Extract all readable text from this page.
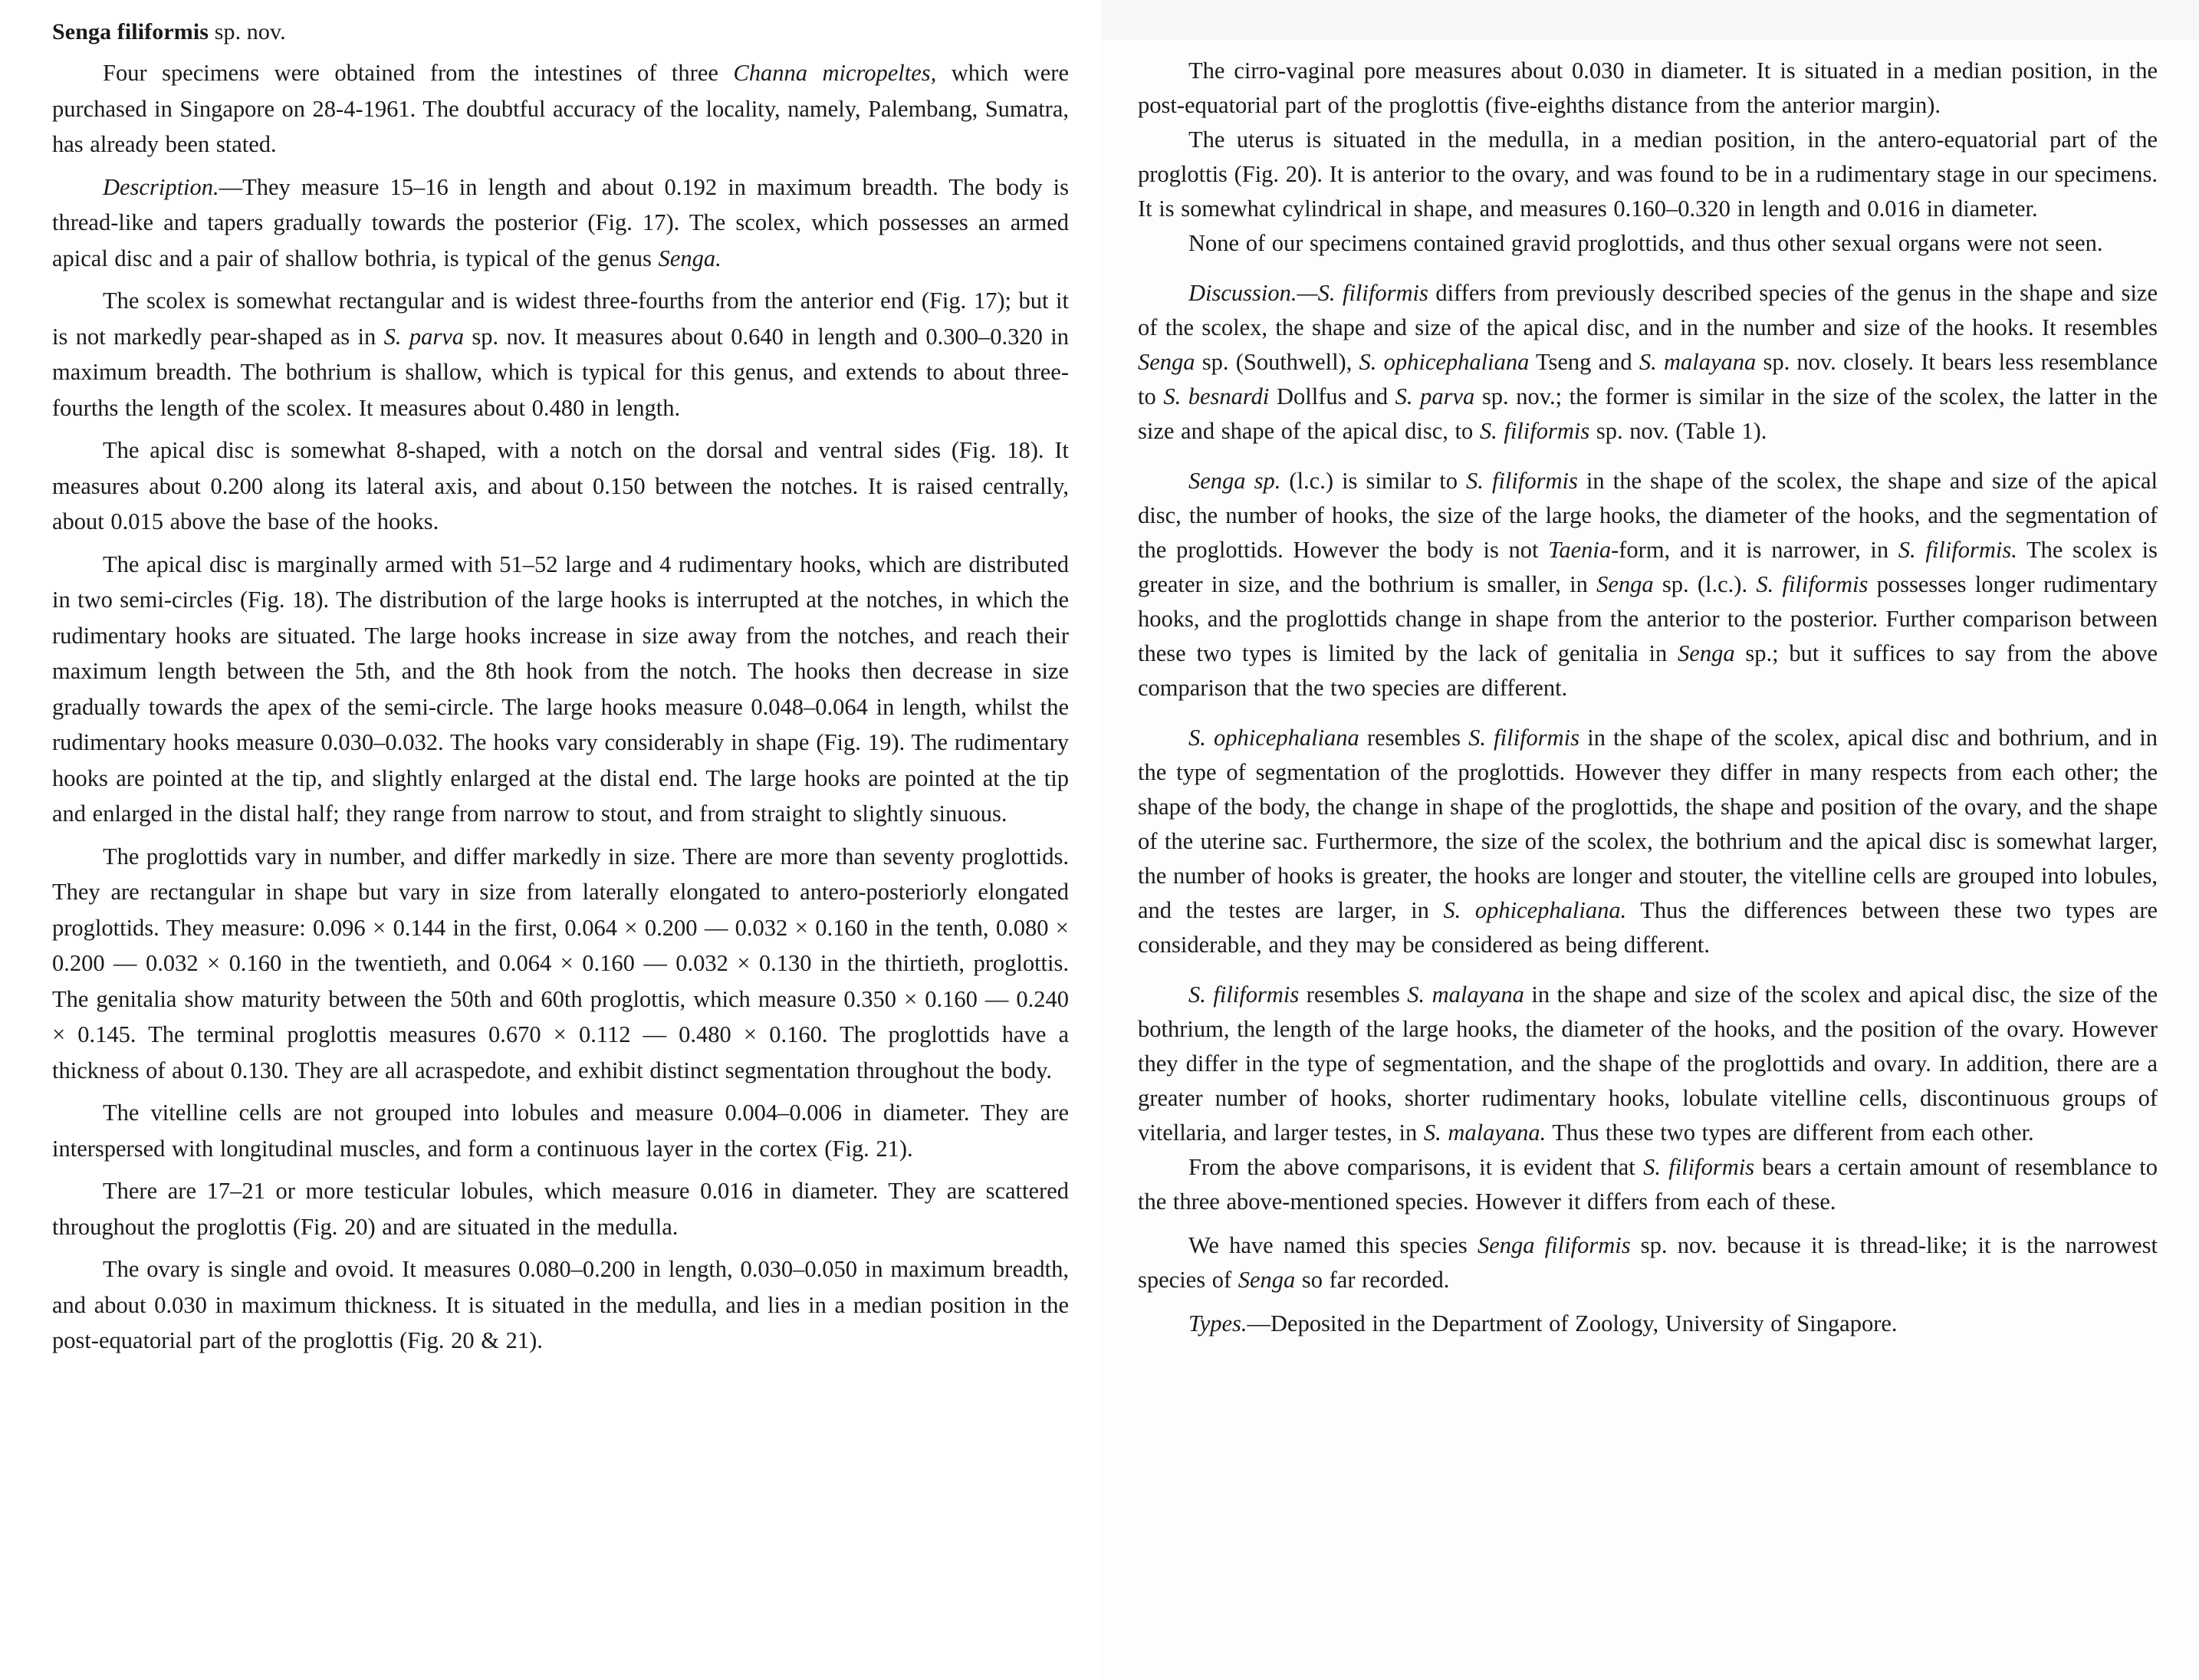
Senga filiformis sp. nov.

Four specimens were obtained from the intestines of three Channa micropeltes, which were purchased in Singapore on 28-4-1961. The doubtful accuracy of the locality, namely, Palembang, Sumatra, has already been stated.

Description.—They measure 15–16 in length and about 0.192 in maximum breadth. The body is thread-like and tapers gradually towards the posterior (Fig. 17). The scolex, which possesses an armed apical disc and a pair of shallow bothria, is typical of the genus Senga.

The scolex is somewhat rectangular and is widest three-fourths from the anterior end (Fig. 17); but it is not markedly pear-shaped as in S. parva sp. nov. It measures about 0.640 in length and 0.300–0.320 in maximum breadth. The bothrium is shallow, which is typical for this genus, and extends to about three-fourths the length of the scolex. It measures about 0.480 in length.

The apical disc is somewhat 8-shaped, with a notch on the dorsal and ventral sides (Fig. 18). It measures about 0.200 along its lateral axis, and about 0.150 between the notches. It is raised centrally, about 0.015 above the base of the hooks.

The apical disc is marginally armed with 51–52 large and 4 rudimentary hooks, which are distributed in two semi-circles (Fig. 18). The distribution of the large hooks is interrupted at the notches, in which the rudimentary hooks are situated. The large hooks increase in size away from the notches, and reach their maximum length between the 5th, and the 8th hook from the notch. The hooks then decrease in size gradually towards the apex of the semi-circle. The large hooks measure 0.048–0.064 in length, whilst the rudimentary hooks measure 0.030–0.032. The hooks vary considerably in shape (Fig. 19). The rudimentary hooks are pointed at the tip, and slightly enlarged at the distal end. The large hooks are pointed at the tip and enlarged in the distal half; they range from narrow to stout, and from straight to slightly sinuous.

The proglottids vary in number, and differ markedly in size. There are more than seventy proglottids. They are rectangular in shape but vary in size from laterally elongated to antero-posteriorly elongated proglottids. They measure: 0.096 × 0.144 in the first, 0.064 × 0.200 — 0.032 × 0.160 in the tenth, 0.080 × 0.200 — 0.032 × 0.160 in the twentieth, and 0.064 × 0.160 — 0.032 × 0.130 in the thirtieth, proglottis. The genitalia show maturity between the 50th and 60th proglottis, which measure 0.350 × 0.160 — 0.240 × 0.145. The terminal proglottis measures 0.670 × 0.112 — 0.480 × 0.160. The proglottids have a thickness of about 0.130. They are all acraspedote, and exhibit distinct segmentation throughout the body.

The vitelline cells are not grouped into lobules and measure 0.004–0.006 in diameter. They are interspersed with longitudinal muscles, and form a continuous layer in the cortex (Fig. 21).

There are 17–21 or more testicular lobules, which measure 0.016 in diameter. They are scattered throughout the proglottis (Fig. 20) and are situated in the medulla.

The ovary is single and ovoid. It measures 0.080–0.200 in length, 0.030–0.050 in maximum breadth, and about 0.030 in maximum thickness. It is situated in the medulla, and lies in a median position in the post-equatorial part of the proglottis (Fig. 20 & 21).

The cirro-vaginal pore measures about 0.030 in diameter. It is situated in a median position, in the post-equatorial part of the proglottis (five-eighths distance from the anterior margin).

The uterus is situated in the medulla, in a median position, in the antero-equatorial part of the proglottis (Fig. 20). It is anterior to the ovary, and was found to be in a rudimentary stage in our specimens. It is somewhat cylindrical in shape, and measures 0.160–0.320 in length and 0.016 in diameter.

None of our specimens contained gravid proglottids, and thus other sexual organs were not seen.

Discussion.—S. filiformis differs from previously described species of the genus in the shape and size of the scolex, the shape and size of the apical disc, and in the number and size of the hooks. It resembles Senga sp. (Southwell), S. ophicephaliana Tseng and S. malayana sp. nov. closely. It bears less resemblance to S. besnardi Dollfus and S. parva sp. nov.; the former is similar in the size of the scolex, the latter in the size and shape of the apical disc, to S. filiformis sp. nov. (Table 1).

Senga sp. (l.c.) is similar to S. filiformis in the shape of the scolex, the shape and size of the apical disc, the number of hooks, the size of the large hooks, the diameter of the hooks, and the segmentation of the proglottids. However the body is not Taenia-form, and it is narrower, in S. filiformis. The scolex is greater in size, and the bothrium is smaller, in Senga sp. (l.c.). S. filiformis possesses longer rudimentary hooks, and the proglottids change in shape from the anterior to the posterior. Further comparison between these two types is limited by the lack of genitalia in Senga sp.; but it suffices to say from the above comparison that the two species are different.

S. ophicephaliana resembles S. filiformis in the shape of the scolex, apical disc and bothrium, and in the type of segmentation of the proglottids. However they differ in many respects from each other; the shape of the body, the change in shape of the proglottids, the shape and position of the ovary, and the shape of the uterine sac. Furthermore, the size of the scolex, the bothrium and the apical disc is somewhat larger, the number of hooks is greater, the hooks are longer and stouter, the vitelline cells are grouped into lobules, and the testes are larger, in S. ophicephaliana. Thus the differences between these two types are considerable, and they may be considered as being different.

S. filiformis resembles S. malayana in the shape and size of the scolex and apical disc, the size of the bothrium, the length of the large hooks, the diameter of the hooks, and the position of the ovary. However they differ in the type of segmentation, and the shape of the proglottids and ovary. In addition, there are a greater number of hooks, shorter rudimentary hooks, lobulate vitelline cells, discontinuous groups of vitellaria, and larger testes, in S. malayana. Thus these two types are different from each other.

From the above comparisons, it is evident that S. filiformis bears a certain amount of resemblance to the three above-mentioned species. However it differs from each of these.

We have named this species Senga filiformis sp. nov. because it is thread-like; it is the narrowest species of Senga so far recorded.

Types.—Deposited in the Department of Zoology, University of Singapore.
